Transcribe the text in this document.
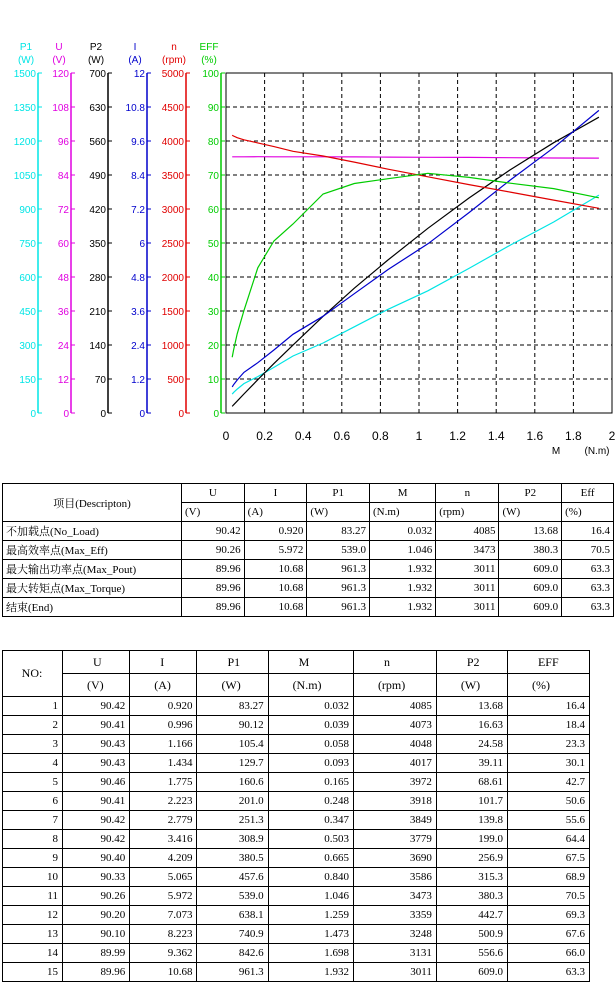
P1
(W)
0
150
300
450
600
750
900
1050
1200
1350
1500
U
(V)
0
12
24
36
48
60
72
84
96
108
120
P2
(W)
0
70
140
210
280
350
420
490
560
630
700
I
(A)
0
1.2
2.4
3.6
4.8
6
7.2
8.4
9.6
10.8
12
n
(rpm)
0
500
1000
1500
2000
2500
3000
3500
4000
4500
5000
EFF
(%)
0
10
20
30
40
50
60
70
80
90
100
0 0.2 0.4 0.6 0.8 1 1.2 1.4 1.6 1.8 2
M (N.m)
项目(Descripton)	U	I	P1	M	n	P2	Eff
	(V)	(A)	(W)	(N.m)	(rpm)	(W)	(%)
不加载点(No_Load)	90.42	0.920	83.27	0.032	4085	13.68	16.4
最高效率点(Max_Eff)	90.26	5.972	539.0	1.046	3473	380.3	70.5
最大输出功率点(Max_Pout)	89.96	10.68	961.3	1.932	3011	609.0	63.3
最大转矩点(Max_Torque)	89.96	10.68	961.3	1.932	3011	609.0	63.3
结束(End)	89.96	10.68	961.3	1.932	3011	609.0	63.3
NO:	U	I	P1	M	n	P2	EFF
	(V)	(A)	(W)	(N.m)	(rpm)	(W)	(%)
1	90.42	0.920	83.27	0.032	4085	13.68	16.4
2	90.41	0.996	90.12	0.039	4073	16.63	18.4
3	90.43	1.166	105.4	0.058	4048	24.58	23.3
4	90.43	1.434	129.7	0.093	4017	39.11	30.1
5	90.46	1.775	160.6	0.165	3972	68.61	42.7
6	90.41	2.223	201.0	0.248	3918	101.7	50.6
7	90.42	2.779	251.3	0.347	3849	139.8	55.6
8	90.42	3.416	308.9	0.503	3779	199.0	64.4
9	90.40	4.209	380.5	0.665	3690	256.9	67.5
10	90.33	5.065	457.6	0.840	3586	315.3	68.9
11	90.26	5.972	539.0	1.046	3473	380.3	70.5
12	90.20	7.073	638.1	1.259	3359	442.7	69.3
13	90.10	8.223	740.9	1.473	3248	500.9	67.6
14	89.99	9.362	842.6	1.698	3131	556.6	66.0
15	89.96	10.68	961.3	1.932	3011	609.0	63.3
